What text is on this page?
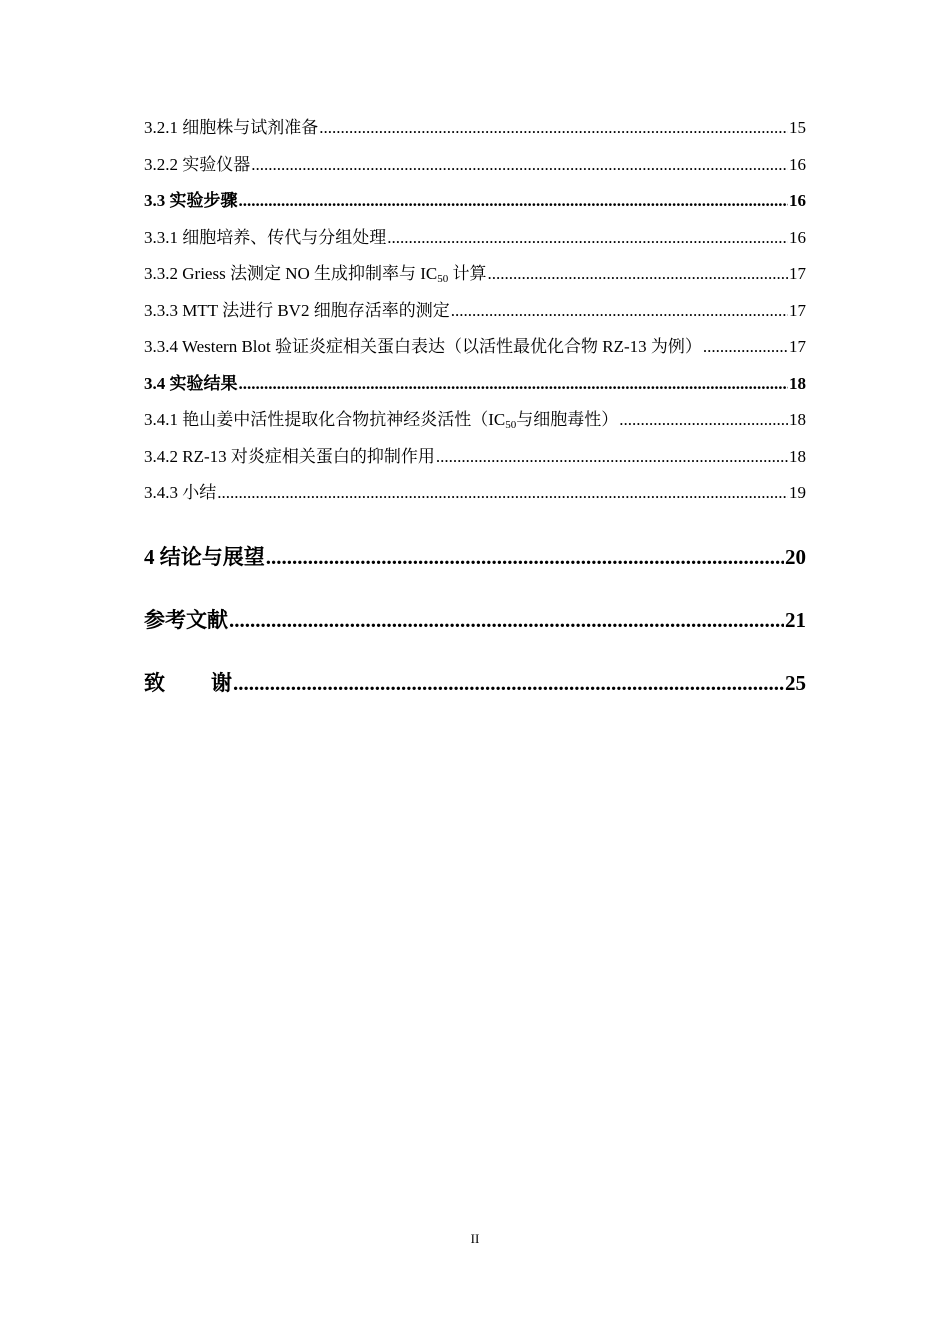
3.2.1 细胞株与试剂准备 .....	15
3.2.2 实验仪器 .....	16
3.3 实验步骤 .....	16
3.3.1 细胞培养、传代与分组处理 .....	16
3.3.2 Griess 法测定 NO 生成抑制率与 $IC_{50}$ 计算 .....	17
3.3.3 MTT 法进行 BV2 细胞存活率的测定 .....	17
3.3.4 Western Blot 验证炎症相关蛋白表达（以活性最优化合物 RZ-13 为例） .....	17
3.4 实验结果 .....	18
3.4.1 艳山姜中活性提取化合物抗神经炎活性（$IC_{50}$与细胞毒性） .....	18
3.4.2 RZ-13 对炎症相关蛋白的抑制作用 .....	18
3.4.3 小结 .....	19
4 结论与展望 .....	20
参考文献 .....	21
致 谢 .....	25
II
